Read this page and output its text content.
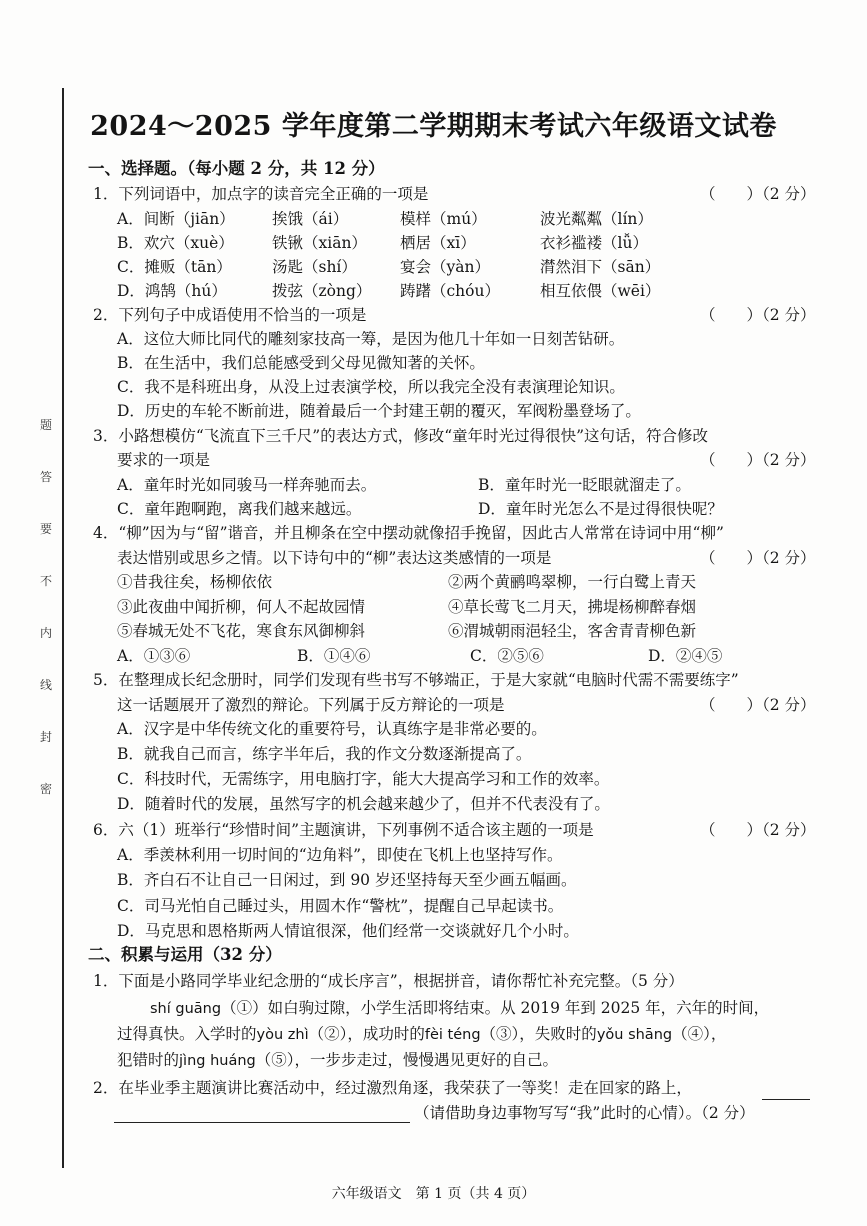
题
答
要
不
内
线
封
密
2024～2025 学年度第二学期期末考试六年级语文试卷
一、选择题。（每小题 2 分，共 12 分）
1．下列词语中，加点字的读音完全正确的一项是	（　　）（2 分）
A．间断（jiān） 挨饿（ái）	模样（mú）	波光粼粼（lín）
B．欢穴（xuè） 铁锹（xiān） 栖居（xī）	衣衫褴褛（lǚ）
C．摊贩（tān）	汤匙（shí）	宴会（yàn）	潸然泪下（sān）
D．鸿鹄（hú）	拨弦（zòng） 踌躇（chóu）	相互依偎（wēi）
2．下列句子中成语使用不恰当的一项是	（　　）（2 分）
A．这位大师比同代的雕刻家技高一筹，是因为他几十年如一日刻苦钻研。
B．在生活中，我们总能感受到父母见微知著的关怀。
C．我不是科班出身，从没上过表演学校，所以我完全没有表演理论知识。
D．历史的车轮不断前进，随着最后一个封建王朝的覆灭，军阀粉墨登场了。
3．小路想模仿“飞流直下三千尺”的表达方式，修改“童年时光过得很快”这句话，符合修改
要求的一项是	（　　）（2 分）
A．童年时光如同骏马一样奔驰而去。	B．童年时光一眨眼就溜走了。
C．童年跑啊跑，离我们越来越远。	D．童年时光怎么不是过得很快呢？
4．“柳”因为与“留”谐音，并且柳条在空中摆动就像招手挽留，因此古人常常在诗词中用“柳”
表达惜别或思乡之情。以下诗句中的“柳”表达这类感情的一项是	（　　）（2 分）
①昔我往矣，杨柳依依	②两个黄鹂鸣翠柳，一行白鹭上青天
③此夜曲中闻折柳，何人不起故园情	④草长莺飞二月天，拂堤杨柳醉春烟
⑤春城无处不飞花，寒食东风御柳斜	⑥渭城朝雨浥轻尘，客舍青青柳色新
A．①③⑥	B．①④⑥	C．②⑤⑥	D．②④⑤
5．在整理成长纪念册时，同学们发现有些书写不够端正，于是大家就“电脑时代需不需要练字”
这一话题展开了激烈的辩论。下列属于反方辩论的一项是	（　　）（2 分）
A．汉字是中华传统文化的重要符号，认真练字是非常必要的。
B．就我自己而言，练字半年后，我的作文分数逐渐提高了。
C．科技时代，无需练字，用电脑打字，能大大提高学习和工作的效率。
D．随着时代的发展，虽然写字的机会越来越少了，但并不代表没有了。
6．六（1）班举行“珍惜时间”主题演讲，下列事例不适合该主题的一项是	（　　）（2 分）
A．季羡林利用一切时间的“边角料”，即使在飞机上也坚持写作。
B．齐白石不让自己一日闲过，到 90 岁还坚持每天至少画五幅画。
C．司马光怕自己睡过头，用圆木作“警枕”，提醒自己早起读书。
D．马克思和恩格斯两人情谊很深，他们经常一交谈就好几个小时。
二、积累与运用（32 分）
1．下面是小路同学毕业纪念册的“成长序言”，根据拼音，请你帮忙补充完整。（5 分）
shí guāng（①）如白驹过隙，小学生活即将结束。从 2019 年到 2025 年，六年的时间，
过得真快。入学时的yòu zhì（②），成功时的fèi téng（③），失败时的yǒu shāng（④），
犯错时的jìng huáng（⑤），一步步走过，慢慢遇见更好的自己。
2．在毕业季主题演讲比赛活动中，经过激烈角逐，我荣获了一等奖！走在回家的路上，
（请借助身边事物写写“我”此时的心情）。（2 分）
六年级语文　第 1 页（共 4 页）
